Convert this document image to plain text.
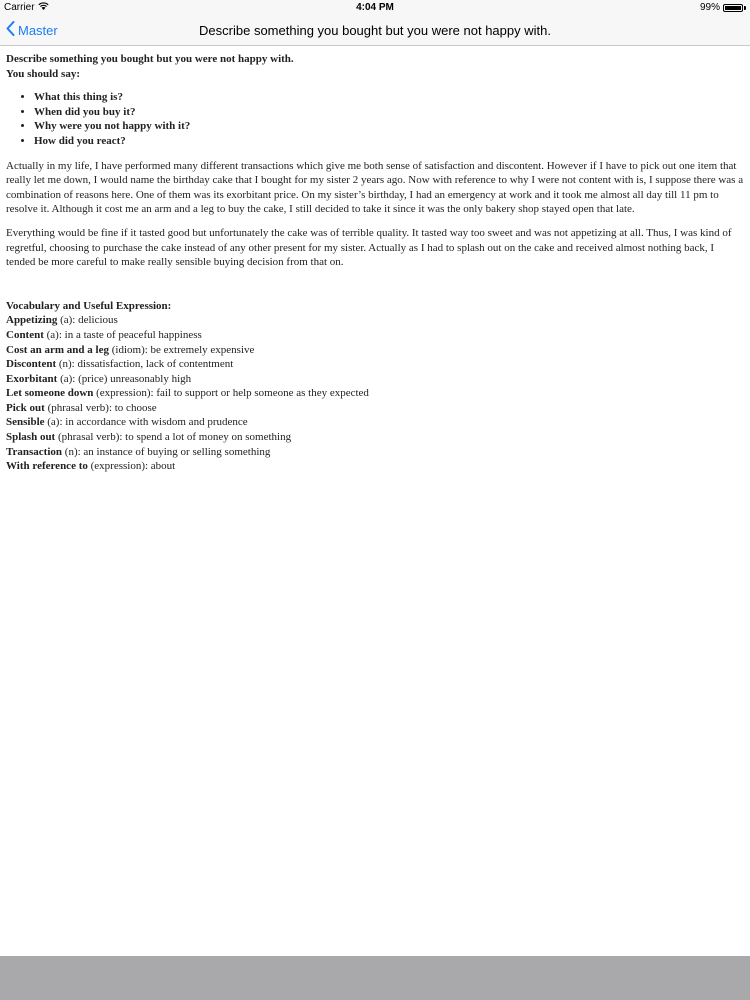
Carrier	4:04 PM	99%
Master	Describe something you bought but you were not happy with.
Describe something you bought but you were not happy with.
You should say:
• What this thing is?
• When did you buy it?
• Why were you not happy with it?
• How did you react?

Actually in my life, I have performed many different transactions which give me both sense of satisfaction and discontent. However if I have to pick out one item that really let me down, I would name the birthday cake that I bought for my sister 2 years ago. Now with reference to why I were not content with is, I suppose there was a combination of reasons here. One of them was its exorbitant price. On my sister’s birthday, I had an emergency at work and it took me almost all day till 11 pm to resolve it. Although it cost me an arm and a leg to buy the cake, I still decided to take it since it was the only bakery shop stayed open that late.

Everything would be fine if it tasted good but unfortunately the cake was of terrible quality. It tasted way too sweet and was not appetizing at all. Thus, I was kind of regretful, choosing to purchase the cake instead of any other present for my sister. Actually as I had to splash out on the cake and received almost nothing back, I tended be more careful to make really sensible buying decision from that on.

Vocabulary and Useful Expression:
Appetizing (a): delicious
Content (a): in a taste of peaceful happiness
Cost an arm and a leg (idiom): be extremely expensive
Discontent (n): dissatisfaction, lack of contentment
Exorbitant (a): (price) unreasonably high
Let someone down (expression): fail to support or help someone as they expected
Pick out (phrasal verb): to choose
Sensible (a): in accordance with wisdom and prudence
Splash out (phrasal verb): to spend a lot of money on something
Transaction (n): an instance of buying or selling something
With reference to (expression): about
